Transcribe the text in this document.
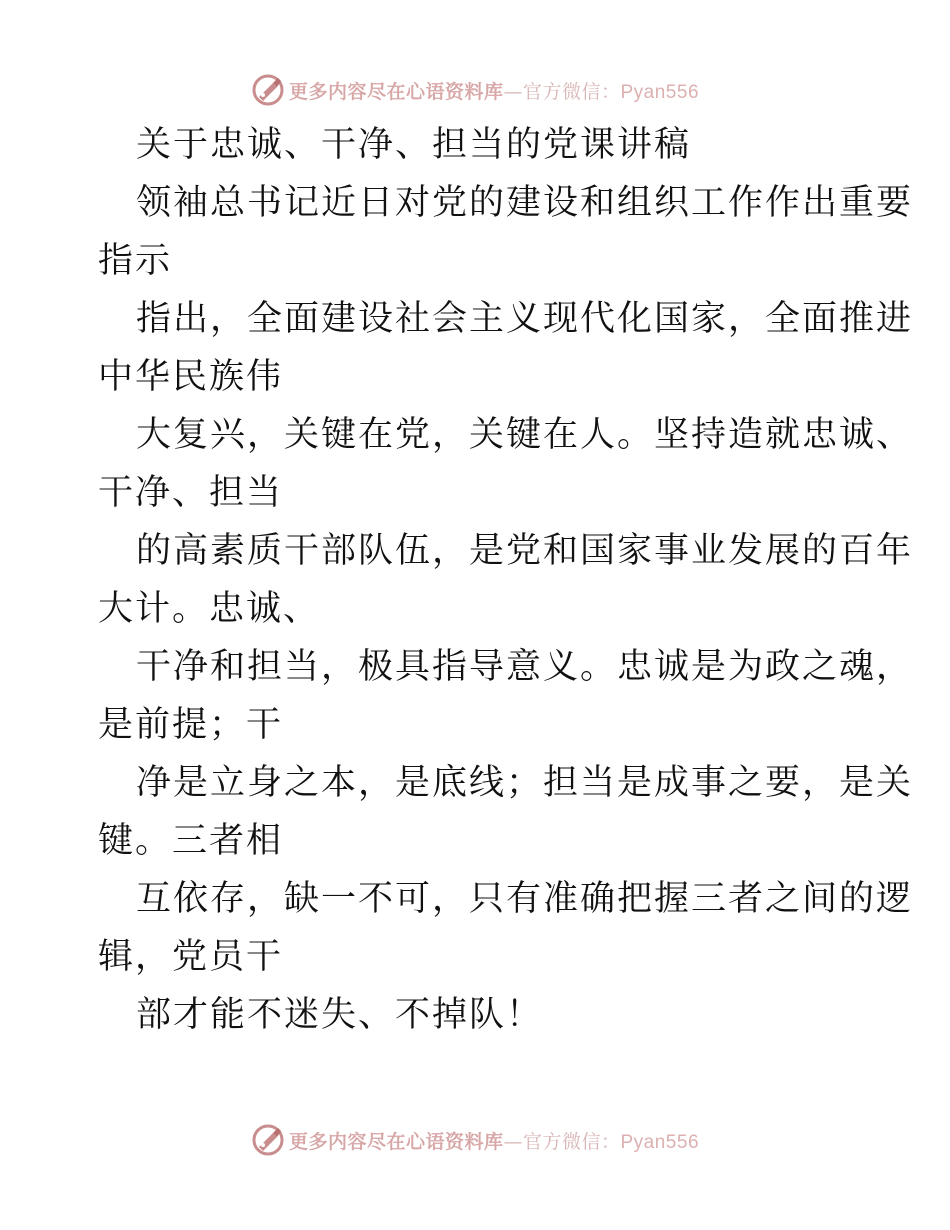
更多内容尽在心语资料库—官方微信：Pyan556
关于忠诚、干净、担当的党课讲稿
领袖总书记近日对党的建设和组织工作作出重要
指示
指出，全面建设社会主义现代化国家，全面推进
中华民族伟
大复兴，关键在党，关键在人。坚持造就忠诚、
干净、担当
的高素质干部队伍，是党和国家事业发展的百年
大计。忠诚、
干净和担当，极具指导意义。忠诚是为政之魂，
是前提；干
净是立身之本，是底线；担当是成事之要，是关
键。三者相
互依存，缺一不可，只有准确把握三者之间的逻
辑，党员干
部才能不迷失、不掉队！
更多内容尽在心语资料库—官方微信：Pyan556
